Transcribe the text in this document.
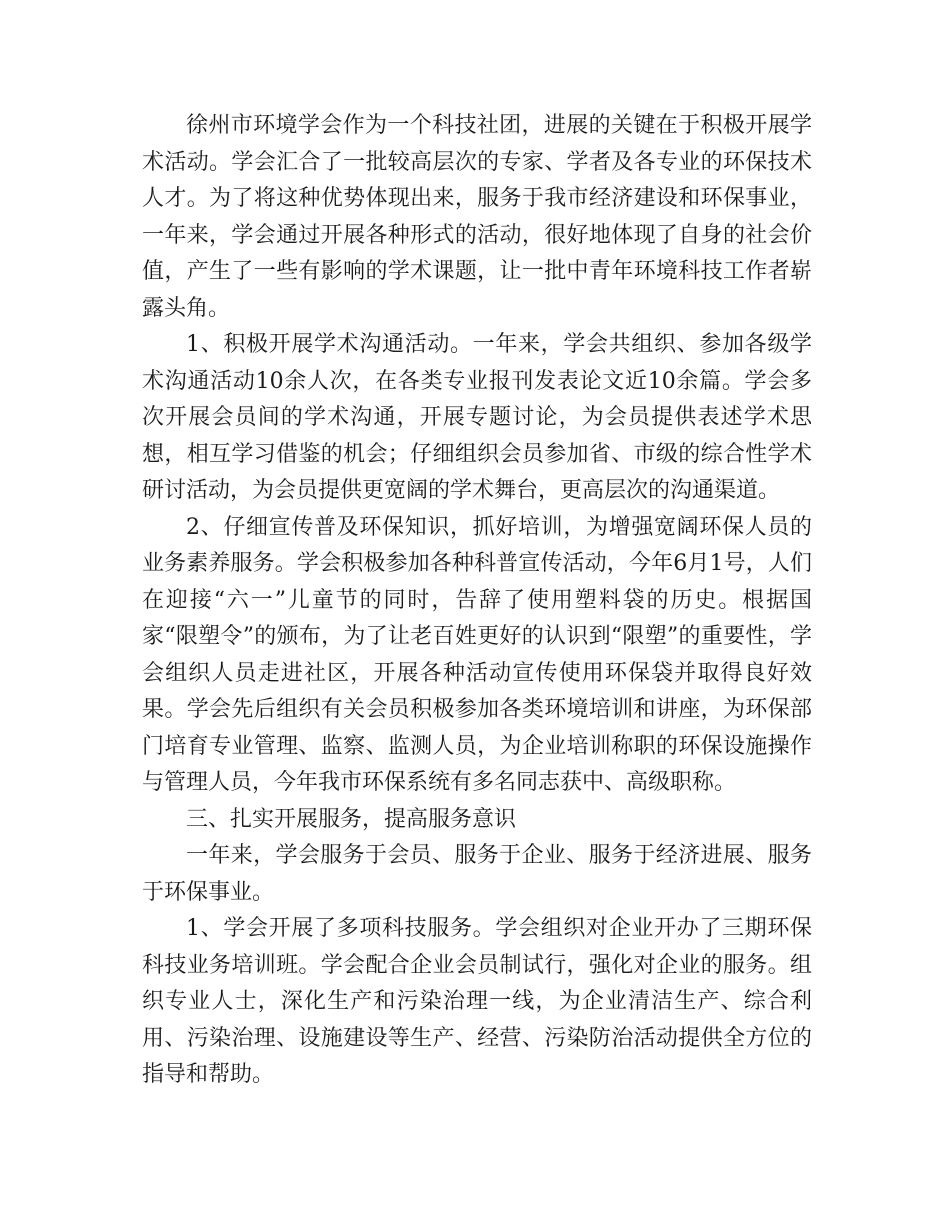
徐州市环境学会作为一个科技社团，进展的关键在于积极开展学术活动。学会汇合了一批较高层次的专家、学者及各专业的环保技术人才。为了将这种优势体现出来，服务于我市经济建设和环保事业，一年来，学会通过开展各种形式的活动，很好地体现了自身的社会价值，产生了一些有影响的学术课题，让一批中青年环境科技工作者崭露头角。

1、积极开展学术沟通活动。一年来，学会共组织、参加各级学术沟通活动10余人次，在各类专业报刊发表论文近10余篇。学会多次开展会员间的学术沟通，开展专题讨论，为会员提供表述学术思想，相互学习借鉴的机会；仔细组织会员参加省、市级的综合性学术研讨活动，为会员提供更宽阔的学术舞台，更高层次的沟通渠道。

2、仔细宣传普及环保知识，抓好培训，为增强宽阔环保人员的业务素养服务。学会积极参加各种科普宣传活动，今年6月1号，人们在迎接“六一”儿童节的同时，告辞了使用塑料袋的历史。根据国家“限塑令”的颁布，为了让老百姓更好的认识到“限塑”的重要性，学会组织人员走进社区，开展各种活动宣传使用环保袋并取得良好效果。学会先后组织有关会员积极参加各类环境培训和讲座，为环保部门培育专业管理、监察、监测人员，为企业培训称职的环保设施操作与管理人员，今年我市环保系统有多名同志获中、高级职称。

三、扎实开展服务，提高服务意识

一年来，学会服务于会员、服务于企业、服务于经济进展、服务于环保事业。

1、学会开展了多项科技服务。学会组织对企业开办了三期环保科技业务培训班。学会配合企业会员制试行，强化对企业的服务。组织专业人士，深化生产和污染治理一线，为企业清洁生产、综合利用、污染治理、设施建设等生产、经营、污染防治活动提供全方位的指导和帮助。
